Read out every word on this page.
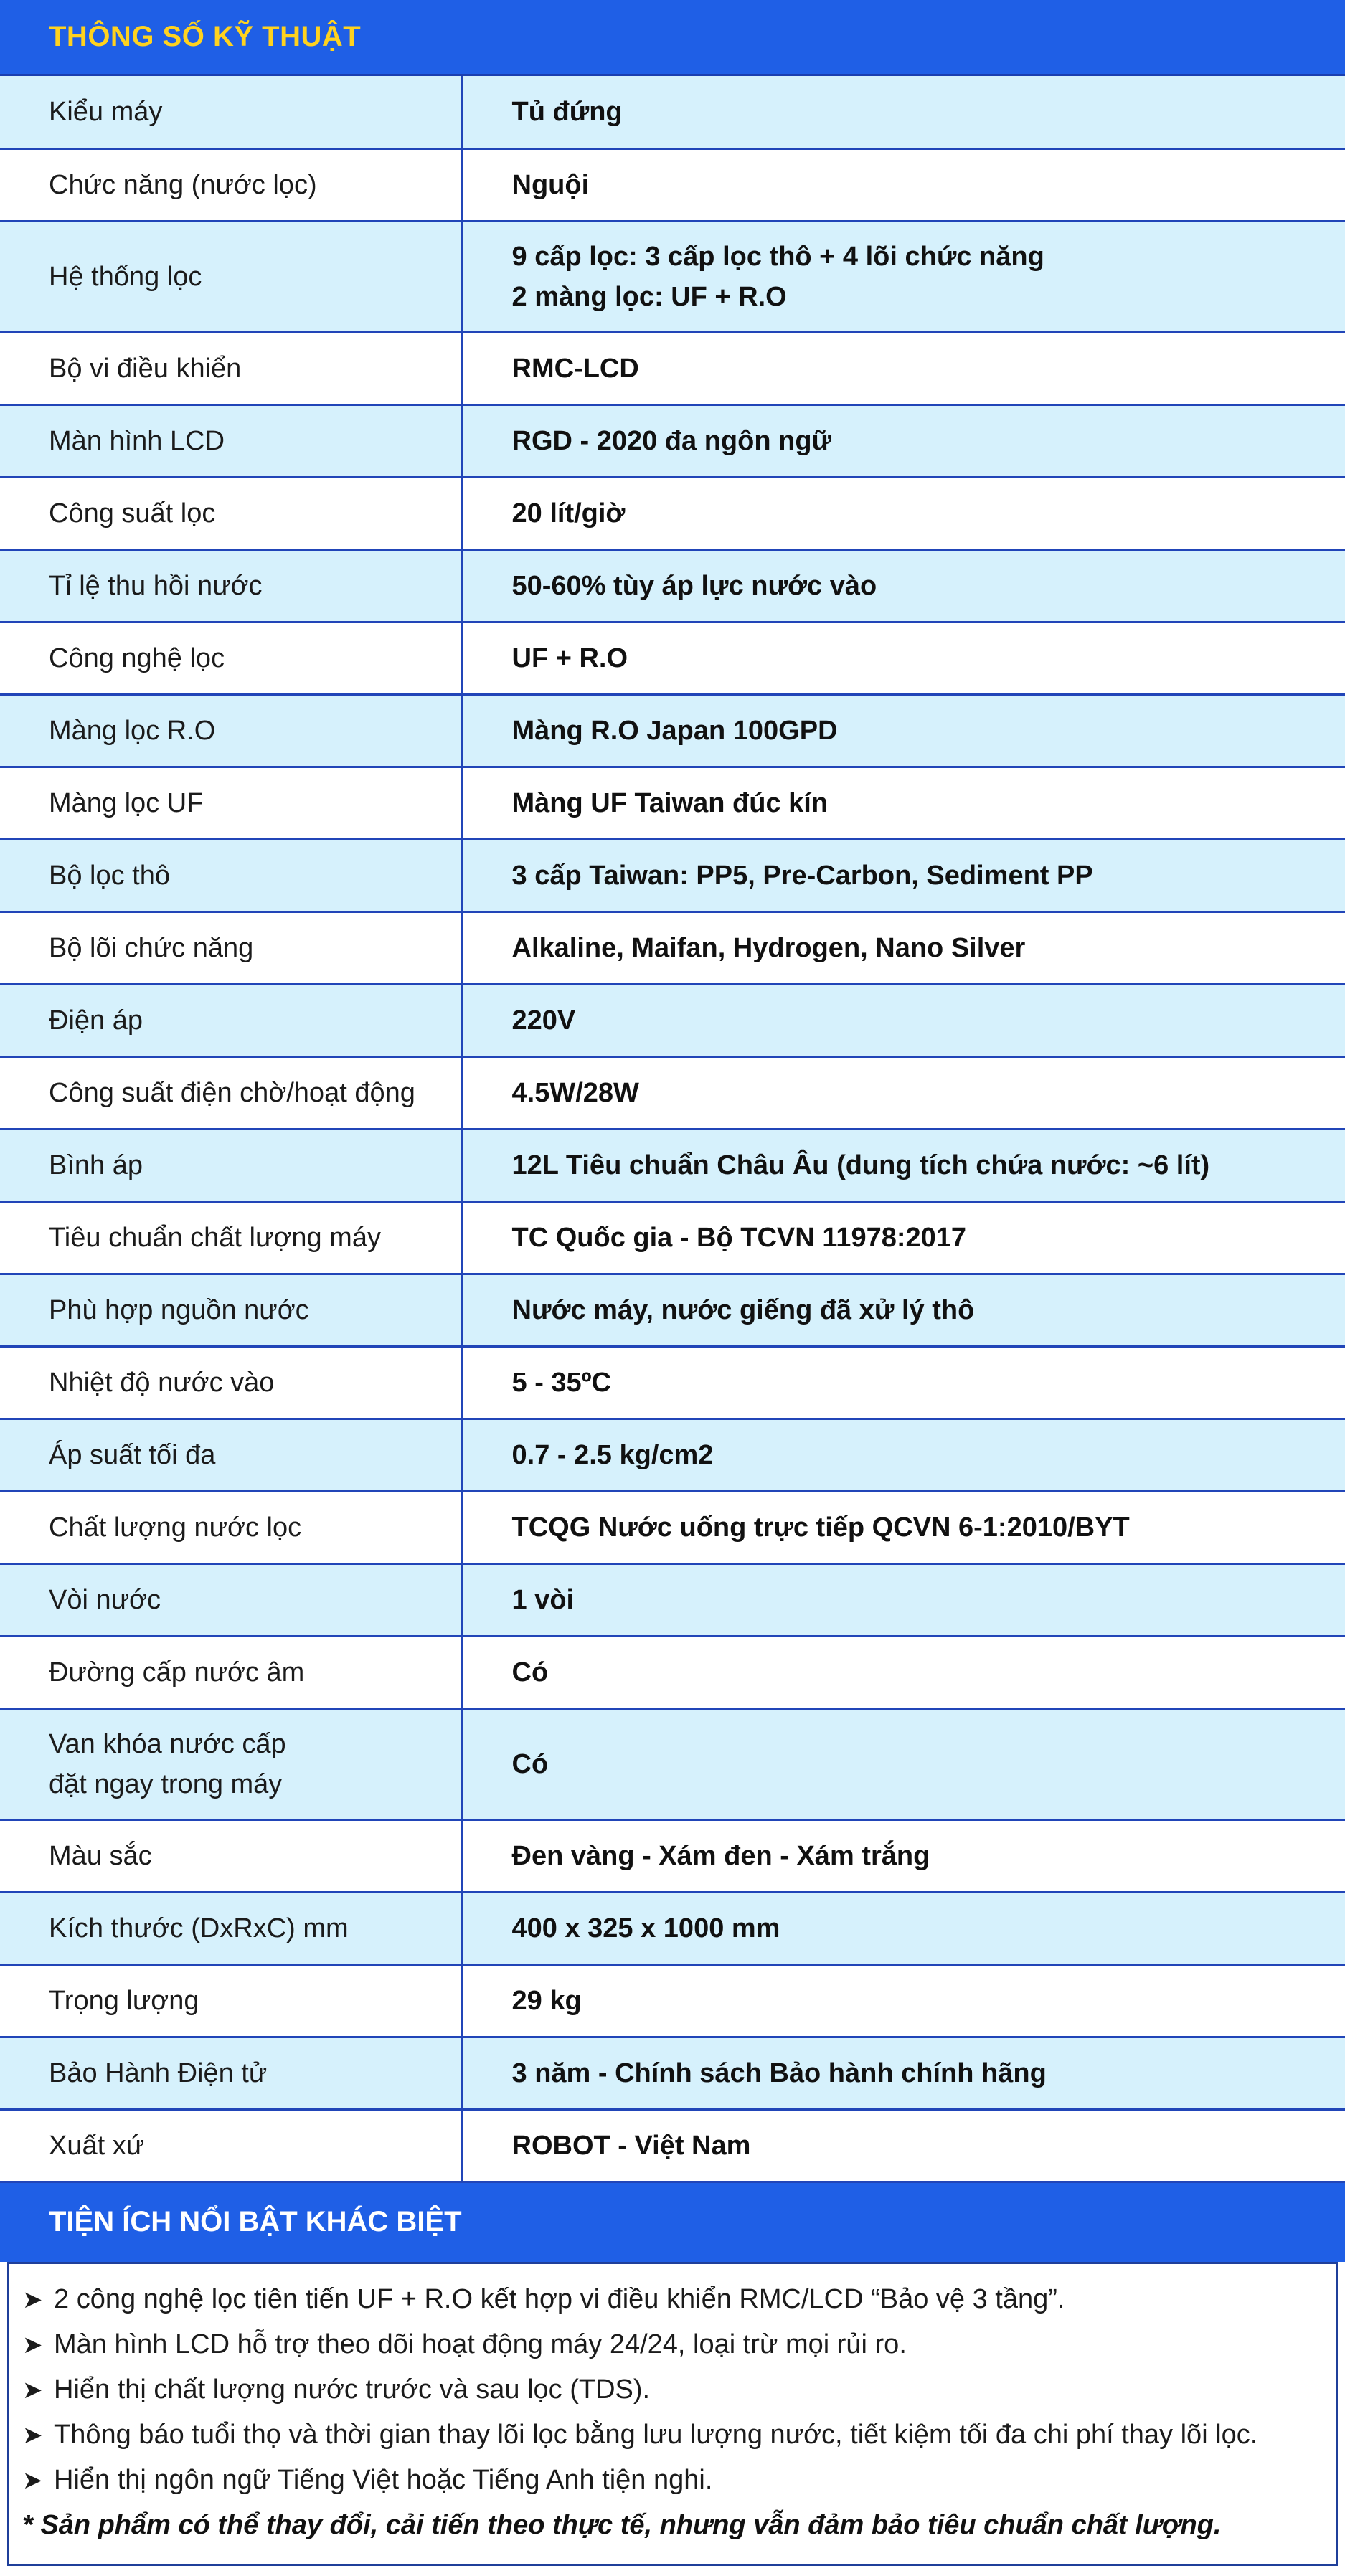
THÔNG SỐ KỸ THUẬT
Kiểu máy	Tủ đứng
Chức năng (nước lọc)	Nguội
Hệ thống lọc	9 cấp lọc: 3 cấp lọc thô + 4 lõi chức năng
2 màng lọc: UF + R.O
Bộ vi điều khiển	RMC-LCD
Màn hình LCD	RGD - 2020 đa ngôn ngữ
Công suất lọc	20 lít/giờ
Tỉ lệ thu hồi nước	50-60% tùy áp lực nước vào
Công nghệ lọc	UF + R.O
Màng lọc R.O	Màng R.O Japan 100GPD
Màng lọc UF	Màng UF Taiwan đúc kín
Bộ lọc thô	3 cấp Taiwan: PP5, Pre-Carbon, Sediment PP
Bộ lõi chức năng	Alkaline, Maifan, Hydrogen, Nano Silver
Điện áp	220V
Công suất điện chờ/hoạt động	4.5W/28W
Bình áp	12L Tiêu chuẩn Châu Âu (dung tích chứa nước: ~6 lít)
Tiêu chuẩn chất lượng máy	TC Quốc gia - Bộ TCVN 11978:2017
Phù hợp nguồn nước	Nước máy, nước giếng đã xử lý thô
Nhiệt độ nước vào	5 - 35ºC
Áp suất tối đa	0.7 - 2.5 kg/cm2
Chất lượng nước lọc	TCQG Nước uống trực tiếp QCVN 6-1:2010/BYT
Vòi nước	1 vòi
Đường cấp nước âm	Có
Van khóa nước cấp
đặt ngay trong máy	Có
Màu sắc	Đen vàng - Xám đen - Xám trắng
Kích thước (DxRxC) mm	400 x 325 x 1000 mm
Trọng lượng	29 kg
Bảo Hành Điện tử	3 năm - Chính sách Bảo hành chính hãng
Xuất xứ	ROBOT - Việt Nam
TIỆN ÍCH NỔI BẬT KHÁC BIỆT
➤ 2 công nghệ lọc tiên tiến UF + R.O kết hợp vi điều khiển RMC/LCD “Bảo vệ 3 tầng”.
➤ Màn hình LCD hỗ trợ theo dõi hoạt động máy 24/24, loại trừ mọi rủi ro.
➤ Hiển thị chất lượng nước trước và sau lọc (TDS).
➤ Thông báo tuổi thọ và thời gian thay lõi lọc bằng lưu lượng nước, tiết kiệm tối đa chi phí thay lõi lọc.
➤ Hiển thị ngôn ngữ Tiếng Việt hoặc Tiếng Anh tiện nghi.
* Sản phẩm có thể thay đổi, cải tiến theo thực tế, nhưng vẫn đảm bảo tiêu chuẩn chất lượng.
